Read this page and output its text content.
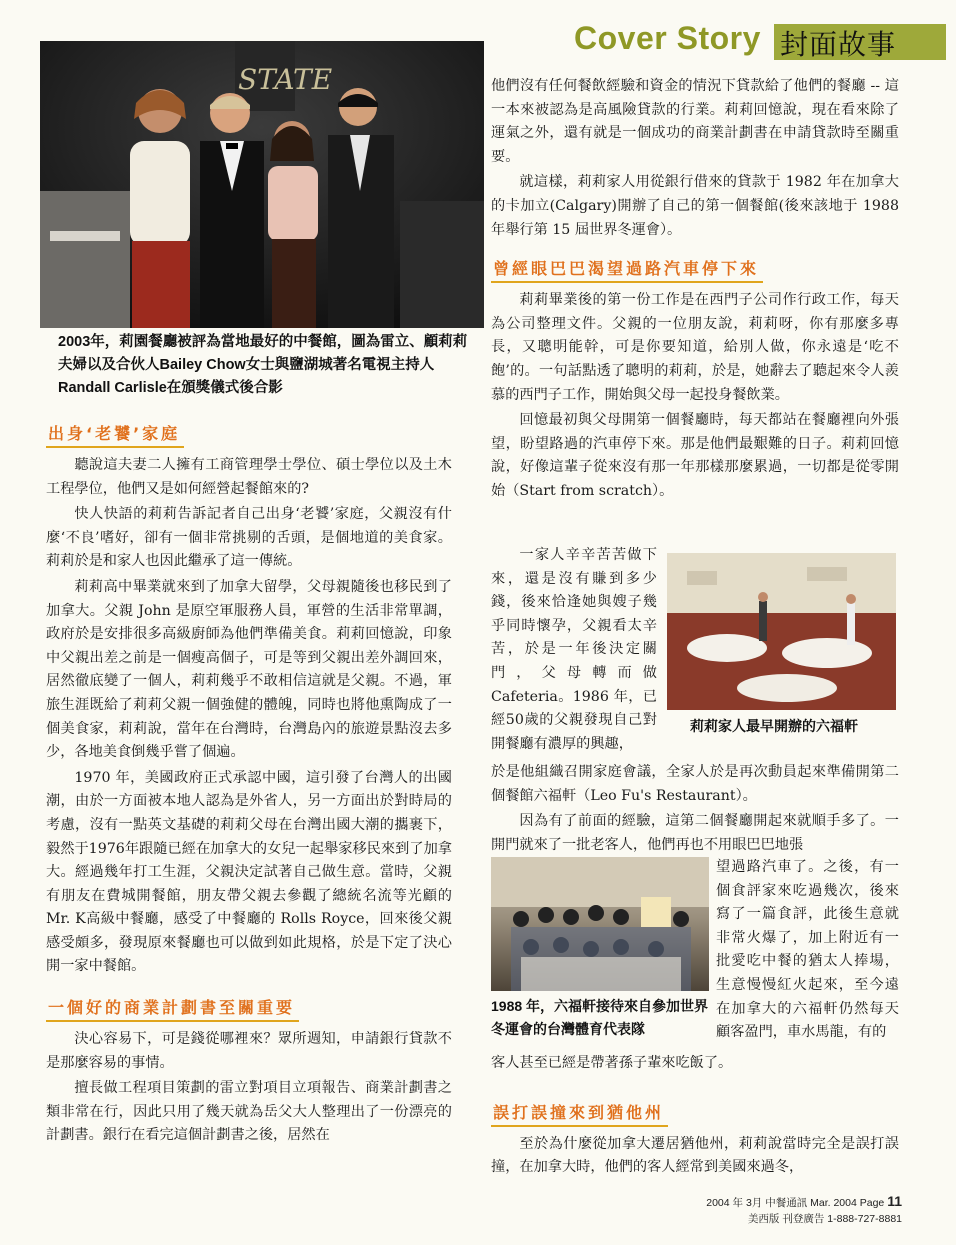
Cover Story 封面故事
STATE
2003年，莉園餐廳被評為當地最好的中餐館，圖為雷立、顧莉莉夫婦以及合伙人Bailey Chow女士與鹽湖城著名電視主持人Randall Carlisle在頒獎儀式後合影
出身‘老饕’家庭

聽說這夫妻二人擁有工商管理學士學位、碩士學位以及土木工程學位，他們又是如何經營起餐館來的?

快人快語的莉莉告訴記者自己出身‘老饕’家庭，父親沒有什麼‘不良’嗜好，卻有一個非常挑剔的舌頭，是個地道的美食家。莉莉於是和家人也因此繼承了這一傳統。

莉莉高中畢業就來到了加拿大留學，父母親隨後也移民到了加拿大。父親 John 是原空軍服務人員，軍營的生活非常單調，政府於是安排很多高級廚師為他們準備美食。莉莉回憶說，印象中父親出差之前是一個瘦高個子，可是等到父親出差外調回來，居然徹底變了一個人，莉莉幾乎不敢相信這就是父親。不過，軍旅生涯既給了莉莉父親一個強健的體魄，同時也將他熏陶成了一個美食家，莉莉說，當年在台灣時，台灣島內的旅遊景點沒去多少，各地美食倒幾乎嘗了個遍。

1970 年，美國政府正式承認中國，這引發了台灣人的出國潮，由於一方面被本地人認為是外省人，另一方面出於對時局的考慮，沒有一點英文基礎的莉莉父母在台灣出國大潮的攜裹下，毅然于1976年跟隨已經在加拿大的女兒一起舉家移民來到了加拿大。經過幾年打工生涯，父親決定試著自己做生意。當時，父親有朋友在費城開餐館，朋友帶父親去參觀了總統名流等光顧的Mr. K高級中餐廳，感受了中餐廳的 Rolls Royce，回來後父親感受頗多，發現原來餐廳也可以做到如此規格，於是下定了決心開一家中餐館。

一個好的商業計劃書至關重要

決心容易下，可是錢從哪裡來？眾所週知，申請銀行貸款不是那麼容易的事情。

擅長做工程項目策劃的雷立對項目立項報告、商業計劃書之類非常在行，因此只用了幾天就為岳父大人整理出了一份漂亮的計劃書。銀行在看完這個計劃書之後，居然在

他們沒有任何餐飲經驗和資金的情況下貸款給了他們的餐廳 -- 這一本來被認為是高風險貸款的行業。莉莉回憶說，現在看來除了運氣之外，還有就是一個成功的商業計劃書在申請貸款時至關重要。

就這樣，莉莉家人用從銀行借來的貸款于 1982 年在加拿大的卡加立(Calgary)開辦了自己的第一個餐館(後來該地于 1988 年舉行第 15 屆世界冬運會）。

曾經眼巴巴渴望過路汽車停下來

莉莉畢業後的第一份工作是在西門子公司作行政工作，每天為公司整理文件。父親的一位朋友說，莉莉呀，你有那麼多專長，又聰明能幹，可是你要知道，給別人做，你永遠是‘吃不飽’的。一句話點透了聰明的莉莉，於是，她辭去了聽起來令人羨慕的西門子工作，開始與父母一起投身餐飲業。

回憶最初與父母開第一個餐廳時，每天都站在餐廳裡向外張望，盼望路過的汽車停下來。那是他們最艱難的日子。莉莉回憶說，好像這輩子從來沒有那一年那樣那麼累過，一切都是從零開始（Start from scratch）。

一家人辛辛苦苦做下來，還是沒有賺到多少錢，後來恰逢她與嫂子幾乎同時懷孕，父親看太辛苦，於是一年後決定關門，父母轉而做 Cafeteria。1986 年，已經50歲的父親發現自己對開餐廳有濃厚的興趣，

莉莉家人最早開辦的六福軒

於是他組織召開家庭會議，全家人於是再次動員起來準備開第二個餐館六福軒（Leo Fu's Restaurant）。

因為有了前面的經驗，這第二個餐廳開起來就順手多了。一開門就來了一批老客人，他們再也不用眼巴巴地張

1988 年，六福軒接待來自參加世界冬運會的台灣體育代表隊

望過路汽車了。之後，有一個食評家來吃過幾次，後來寫了一篇食評，此後生意就非常火爆了，加上附近有一批愛吃中餐的猶太人捧場，生意慢慢紅火起來，至今遠在加拿大的六福軒仍然每天顧客盈門，車水馬龍，有的

客人甚至已經是帶著孫子輩來吃飯了。

誤打誤撞來到猶他州

至於為什麼從加拿大遷居猶他州，莉莉說當時完全是誤打誤撞，在加拿大時，他們的客人經常到美國來過冬，

2004 年 3月 中餐通訊 Mar. 2004 Page 11
美西版 刊登廣告 1-888-727-8881
